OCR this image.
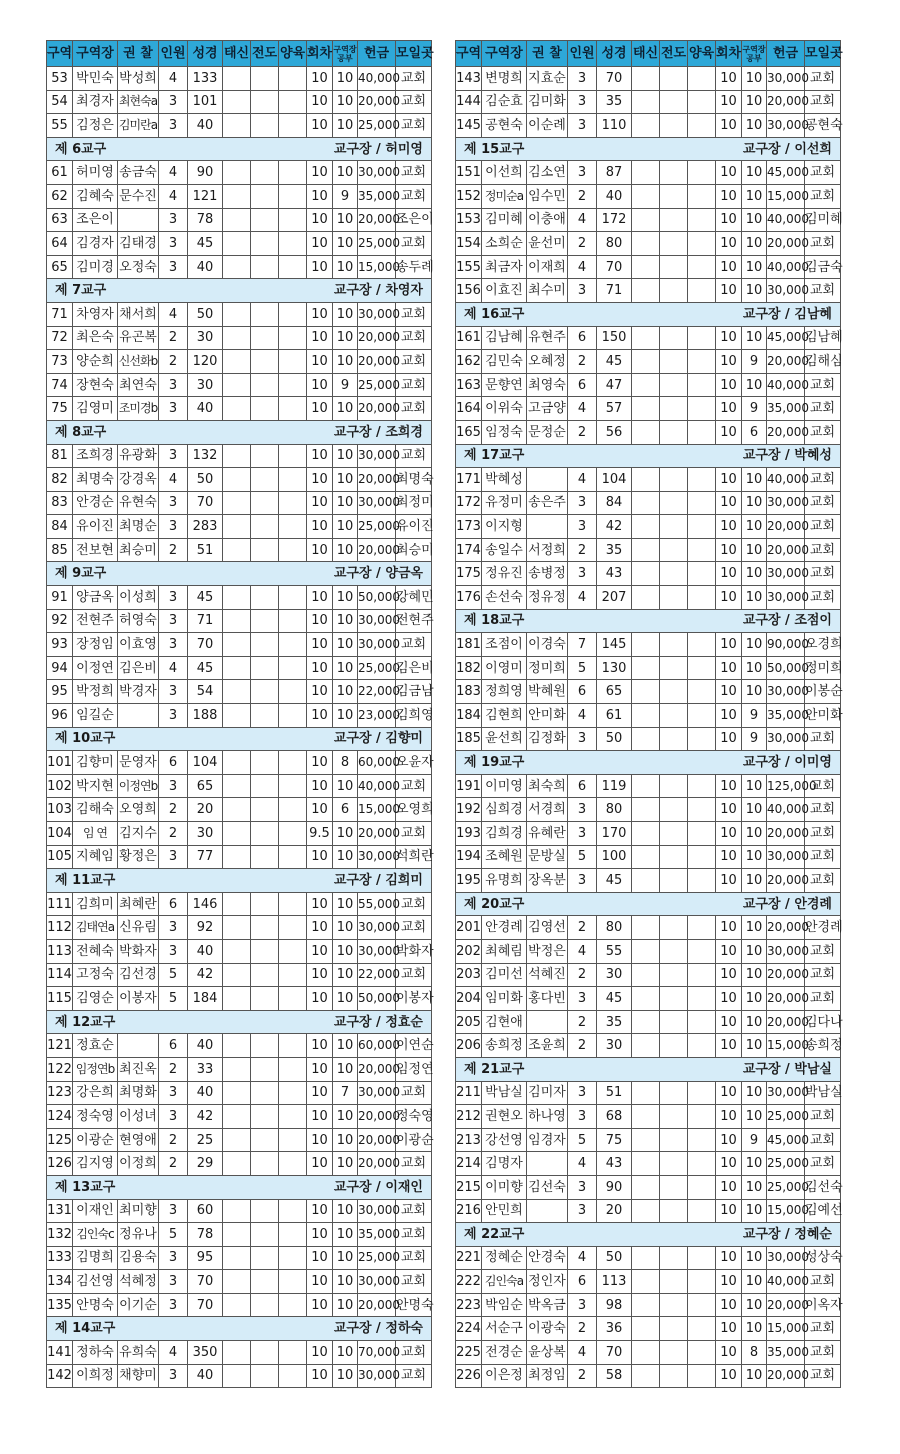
구역	구역장	권 찰	인원	성경	태신	전도	양육	회차	구역장
공부	헌금	모일곳
53	박민숙	박성희	4	133				10	10	40,000	교회
54	최경자	최현숙a	3	101				10	10	20,000	교회
55	김정은	김미란a	3	40				10	10	25,000	교회

제 6교구 교구장 / 허미영											

61	허미영	송금숙	4	90				10	10	30,000	교회
62	김혜숙	문수진	4	121				10	9	35,000	교회
63	조은이		3	78				10	10	20,000	조은이
64	김경자	김태경	3	45				10	10	25,000	교회
65	김미경	오정숙	3	40				10	10	15,000	송두례

제 7교구 교구장 / 차영자											

71	차영자	채서희	4	50				10	10	30,000	교회
72	최은숙	유곤복	2	30				10	10	20,000	교회
73	양순희	신선화b	2	120				10	10	20,000	교회
74	장현숙	최연숙	3	30				10	9	25,000	교회
75	김영미	조미경b	3	40				10	10	20,000	교회

제 8교구 교구장 / 조희경											

81	조희경	유광화	3	132				10	10	30,000	교회
82	최명숙	강경옥	4	50				10	10	20,000	최명숙
83	안경순	유현숙	3	70				10	10	30,000	최정미
84	유이진	최명순	3	283				10	10	25,000	유이진
85	전보현	최승미	2	51				10	10	20,000	최승미

제 9교구 교구장 / 양금옥											

91	양금옥	이성희	3	45				10	10	50,000	강혜민
92	전현주	허영숙	3	71				10	10	30,000	전현주
93	장정임	이효영	3	70				10	10	30,000	교회
94	이정연	김은비	4	45				10	10	25,000	김은비
95	박정희	박경자	3	54				10	10	22,000	김금남
96	임길순		3	188				10	10	23,000	김희영

제 10교구 교구장 / 김향미											

101	김향미	문영자	6	104				10	8	60,000	오윤자
102	박지현	이정연b	3	65				10	10	40,000	교회
103	김해숙	오영희	2	20				10	6	15,000	오영희
104	임 연	김지수	2	30				9.5	10	20,000	교회
105	지혜임	황정은	3	77				10	10	30,000	석희란

제 11교구 교구장 / 김희미											

111	김희미	최혜란	6	146				10	10	55,000	교회
112	김태연a	신유림	3	92				10	10	30,000	교회
113	전혜숙	박화자	3	40				10	10	30,000	박화자
114	고정숙	김선경	5	42				10	10	22,000	교회
115	김영순	이봉자	5	184				10	10	50,000	이봉자

제 12교구 교구장 / 정효순											

121	정효순		6	40				10	10	60,000	이연순
122	임정연b	최진옥	2	33				10	10	20,000	임정연
123	강은희	최명화	3	40				10	7	30,000	교회
124	정숙영	이성녀	3	42				10	10	20,000	정숙영
125	이광순	현영애	2	25				10	10	20,000	이광순
126	김지영	이정희	2	29				10	10	20,000	교회

제 13교구 교구장 / 이재인											

131	이재인	최미향	3	60				10	10	30,000	교회
132	김인숙c	정유나	5	78				10	10	35,000	교회
133	김명희	김용숙	3	95				10	10	25,000	교회
134	김선영	석혜정	3	70				10	10	30,000	교회
135	안명숙	이기순	3	70				10	10	20,000	안명숙

제 14교구 교구장 / 정하숙											

141	정하숙	유희숙	4	350				10	10	70,000	교회
142	이희정	채향미	3	40				10	10	30,000	교회
구역	구역장	권 찰	인원	성경	태신	전도	양육	회차	구역장
공부	헌금	모일곳
143	변명희	지효순	3	70				10	10	30,000	교회
144	김순효	김미화	3	35				10	10	20,000	교회
145	공현숙	이순례	3	110				10	10	30,000	공현숙

제 15교구 교구장 / 이선희											

151	이선희	김소연	3	87				10	10	45,000	교회
152	정미순a	임수민	2	40				10	10	15,000	교회
153	김미혜	이충애	4	172				10	10	40,000	김미혜
154	소희순	윤선미	2	80				10	10	20,000	교회
155	최금자	이재희	4	70				10	10	40,000	김금숙
156	이효진	최수미	3	71				10	10	30,000	교회

제 16교구 교구장 / 김남혜											

161	김남혜	유현주	6	150				10	10	45,000	김남혜
162	김민숙	오혜정	2	45				10	9	20,000	김해심
163	문향연	최영숙	6	47				10	10	40,000	교회
164	이위숙	고금양	4	57				10	9	35,000	교회
165	임정숙	문정순	2	56				10	6	20,000	교회

제 17교구 교구장 / 박혜성											

171	박혜성		4	104				10	10	40,000	교회
172	유정미	송은주	3	84				10	10	30,000	교회
173	이지형		3	42				10	10	20,000	교회
174	송일수	서정희	2	35				10	10	20,000	교회
175	정유진	송병정	3	43				10	10	30,000	교회
176	손선숙	정유정	4	207				10	10	30,000	교회

제 18교구 교구장 / 조점이											

181	조점이	이경숙	7	145				10	10	90,000	오경희
182	이영미	정미희	5	130				10	10	50,000	정미희
183	정희영	박혜원	6	65				10	10	30,000	이봉순
184	김현희	안미화	4	61				10	9	35,000	안미화
185	윤선희	김정화	3	50				10	9	30,000	교회

제 19교구 교구장 / 이미영											

191	이미영	최숙희	6	119				10	10	125,000	교회
192	심희경	서경희	3	80				10	10	40,000	교회
193	김희경	유혜란	3	170				10	10	20,000	교회
194	조혜원	문방실	5	100				10	10	30,000	교회
195	유명희	장옥분	3	45				10	10	20,000	교회

제 20교구 교구장 / 안경례											

201	안경례	김영선	2	80				10	10	20,000	안경례
202	최혜림	박정은	4	55				10	10	30,000	교회
203	김미선	석혜진	2	30				10	10	20,000	교회
204	임미화	홍다빈	3	45				10	10	20,000	교회
205	김현애		2	35				10	10	20,000	김다나
206	송희정	조윤희	2	30				10	10	15,000	송희정

제 21교구 교구장 / 박남실											

211	박남실	김미자	3	51				10	10	30,000	박남실
212	권현오	하나영	3	68				10	10	25,000	교회
213	강선영	임경자	5	75				10	9	45,000	교회
214	김명자		4	43				10	10	25,000	교회
215	이미향	김선숙	3	90				10	10	25,000	김선숙
216	안민희		3	20				10	10	15,000	김예선

제 22교구 교구장 / 정혜순											

221	정혜순	안경숙	4	50				10	10	30,000	성상숙
222	김인숙a	정인자	6	113				10	10	40,000	교회
223	박임순	박옥금	3	98				10	10	20,000	이옥자
224	서순구	이광숙	2	36				10	10	15,000	교회
225	전경순	윤상복	4	70				10	8	35,000	교회
226	이은정	최정임	2	58				10	10	20,000	교회
